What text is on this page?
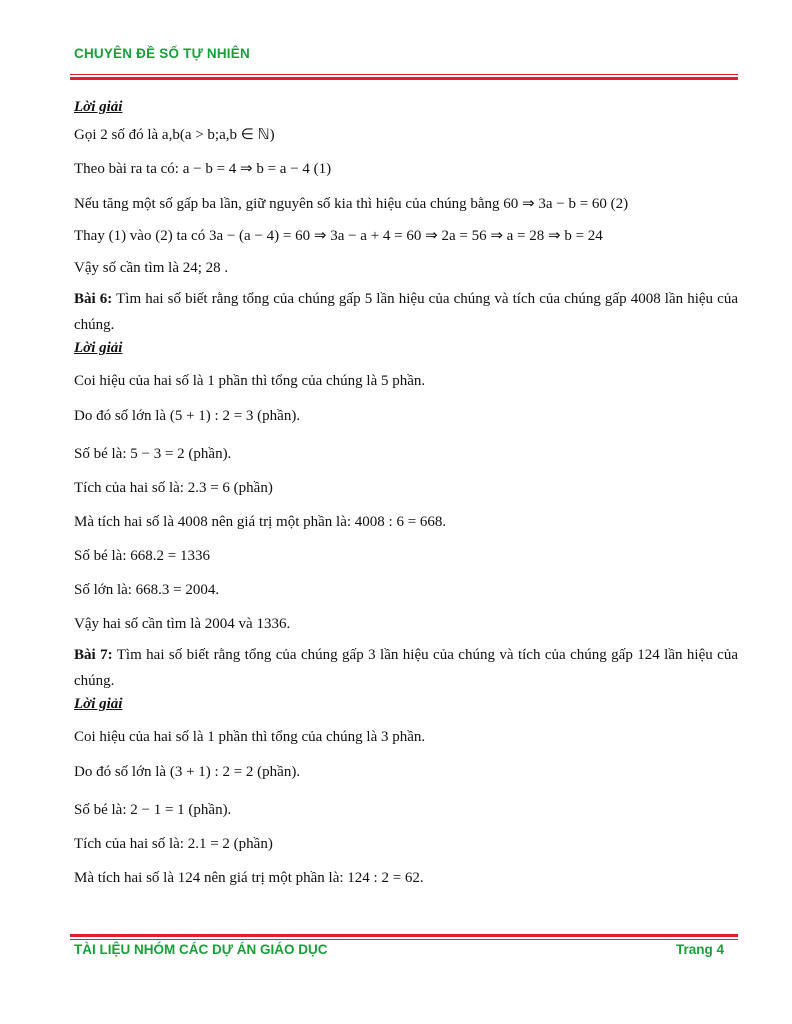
CHUYÊN ĐỀ SỐ TỰ NHIÊN
Lời giải
Gọi 2 số đó là a,b(a > b;a,b ∈ ℕ)
Theo bài ra ta có: a − b = 4 ⇒ b = a − 4 (1)
Nếu tăng một số gấp ba lần, giữ nguyên số kia thì hiệu của chúng bằng 60 ⇒ 3a − b = 60 (2)
Thay (1) vào (2) ta có 3a − (a − 4) = 60 ⇒ 3a − a + 4 = 60 ⇒ 2a = 56 ⇒ a = 28 ⇒ b = 24
Vậy số cần tìm là 24; 28 .
Bài 6: Tìm hai số biết rằng tổng của chúng gấp 5 lần hiệu của chúng và tích của chúng gấp 4008 lần hiệu của chúng.
Lời giải
Coi hiệu của hai số là 1 phần thì tổng của chúng là 5 phần.
Do đó số lớn là (5 + 1) : 2 = 3 (phần).
Số bé là: 5 − 3 = 2 (phần).
Tích của hai số là: 2.3 = 6 (phần)
Mà tích hai số là 4008 nên giá trị một phần là: 4008 : 6 = 668.
Số bé là: 668.2 = 1336
Số lớn là: 668.3 = 2004.
Vậy hai số cần tìm là 2004 và 1336.
Bài 7: Tìm hai số biết rằng tổng của chúng gấp 3 lần hiệu của chúng và tích của chúng gấp 124 lần hiệu của chúng.
Lời giải
Coi hiệu của hai số là 1 phần thì tổng của chúng là 3 phần.
Do đó số lớn là (3 + 1) : 2 = 2 (phần).
Số bé là: 2 − 1 = 1 (phần).
Tích của hai số là: 2.1 = 2 (phần)
Mà tích hai số là 124 nên giá trị một phần là: 124 : 2 = 62.
TÀI LIỆU NHÓM CÁC DỰ ÁN GIÁO DỤC	Trang 4
